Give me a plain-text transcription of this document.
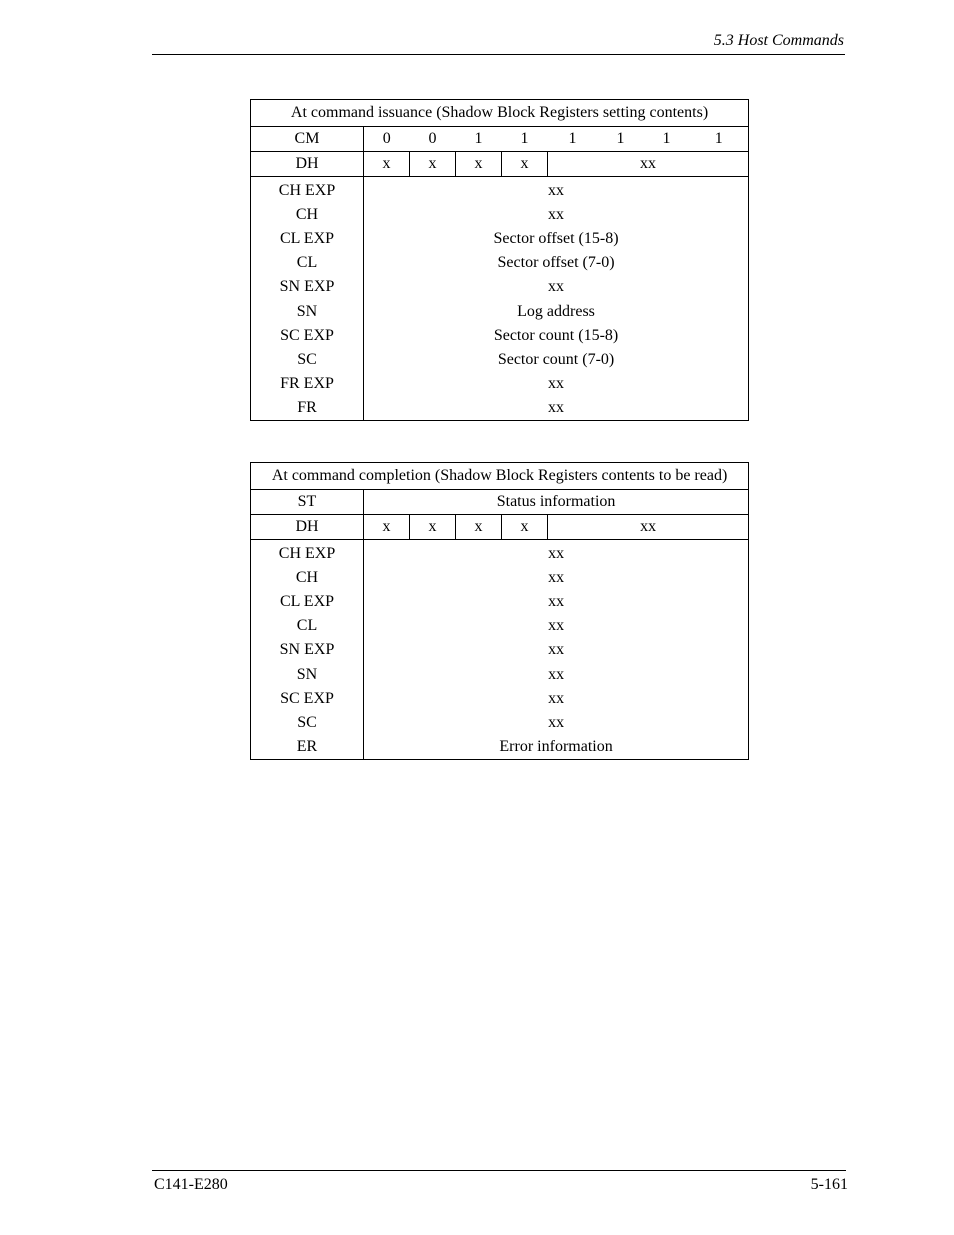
5.3 Host Commands
At command issuance (Shadow Block Registers setting contents)								
CM	0	0	1	1	1	1	1	1
DH	x	x	x	x	xx			
CH EXP	xx							
CH	xx							
CL EXP	Sector offset (15-8)							
CL	Sector offset (7-0)							
SN EXP	xx							
SN	Log address							
SC EXP	Sector count (15-8)							
SC	Sector count (7-0)							
FR EXP	xx							
FR	xx							
At command completion (Shadow Block Registers contents to be read)					
ST	Status information				
DH	x	x	x	x	xx
CH EXP	xx				
CH	xx				
CL EXP	xx				
CL	xx				
SN EXP	xx				
SN	xx				
SC EXP	xx				
SC	xx				
ER	Error information				
C141-E280	5-161
